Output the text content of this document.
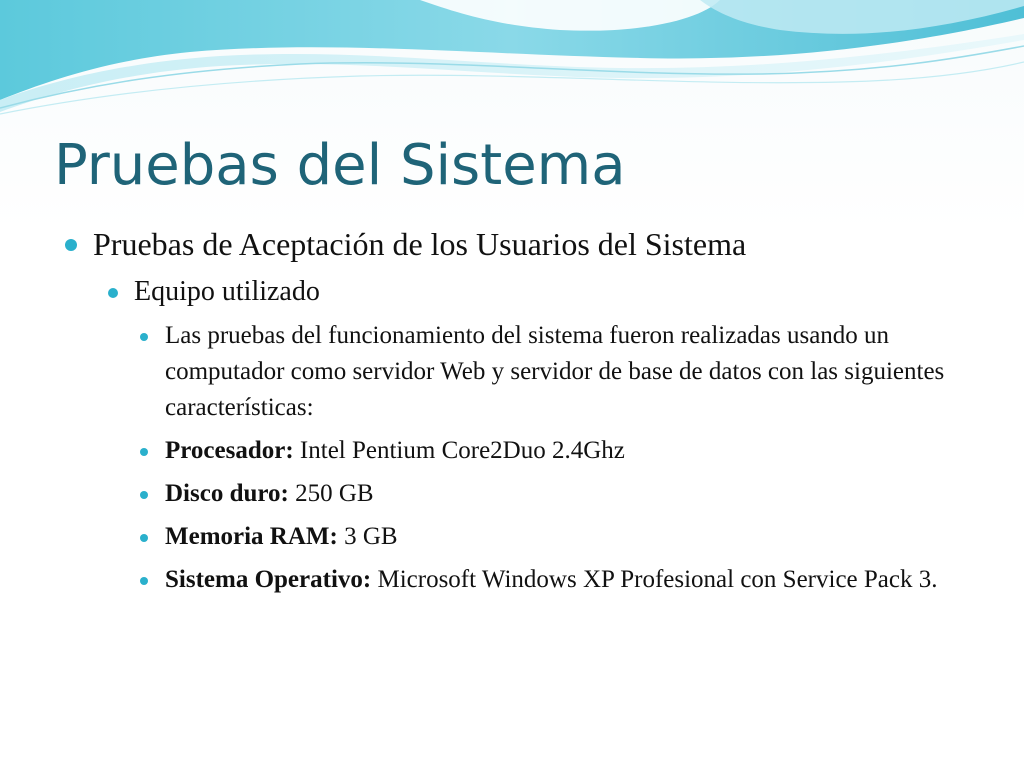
Pruebas del Sistema
Pruebas de Aceptación de los Usuarios del Sistema
Equipo utilizado
Las pruebas del funcionamiento del sistema fueron realizadas usando un computador como servidor Web y servidor de base de datos con las siguientes características:
Procesador: Intel Pentium Core2Duo 2.4Ghz
Disco duro: 250 GB
Memoria RAM: 3 GB
Sistema Operativo: Microsoft Windows XP Profesional con Service Pack 3.
